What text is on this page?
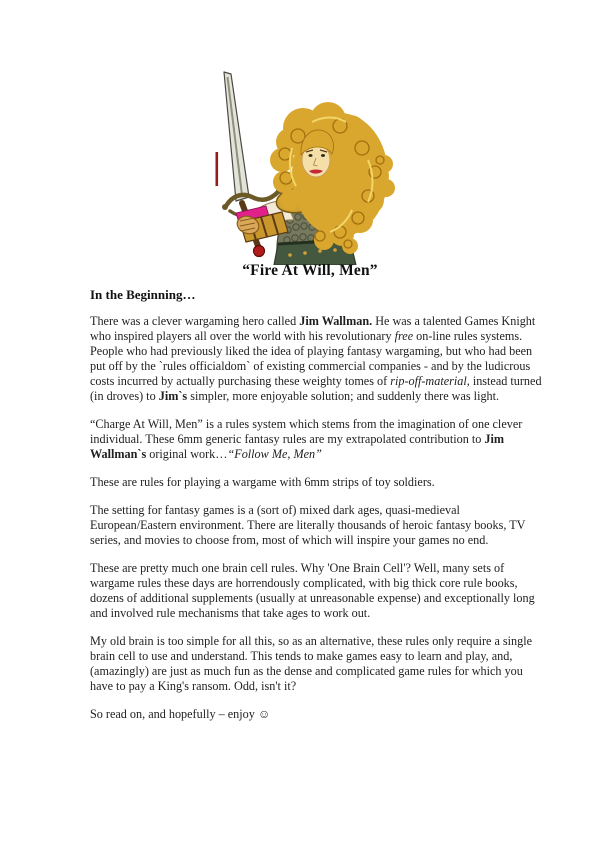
“Fire At Will, Men”
In the Beginning…

There was a clever wargaming hero called Jim Wallman. He was a talented Games Knight who inspired players all over the world with his revolutionary free on-line rules systems. People who had previously liked the idea of playing fantasy wargaming, but who had been put off by the `rules officialdom` of existing commercial companies - and by the ludicrous costs incurred by actually purchasing these weighty tomes of rip-off-material, instead turned (in droves) to Jim`s simpler, more enjoyable solution; and suddenly there was light.

“Charge At Will, Men” is a rules system which stems from the imagination of one clever individual. These 6mm generic fantasy rules are my extrapolated contribution to Jim Wallman`s original work…“Follow Me, Men”

These are rules for playing a wargame with 6mm strips of toy soldiers.

The setting for fantasy games is a (sort of) mixed dark ages, quasi-medieval European/Eastern environment. There are literally thousands of heroic fantasy books, TV series, and movies to choose from, most of which will inspire your games no end.

These are pretty much one brain cell rules. Why 'One Brain Cell'? Well, many sets of wargame rules these days are horrendously complicated, with big thick core rule books, dozens of additional supplements (usually at unreasonable expense) and exceptionally long and involved rule mechanisms that take ages to work out.

My old brain is too simple for all this, so as an alternative, these rules only require a single brain cell to use and understand. This tends to make games easy to learn and play, and, (amazingly) are just as much fun as the dense and complicated game rules for which you have to pay a King's ransom. Odd, isn't it?

So read on, and hopefully – enjoy ☺
